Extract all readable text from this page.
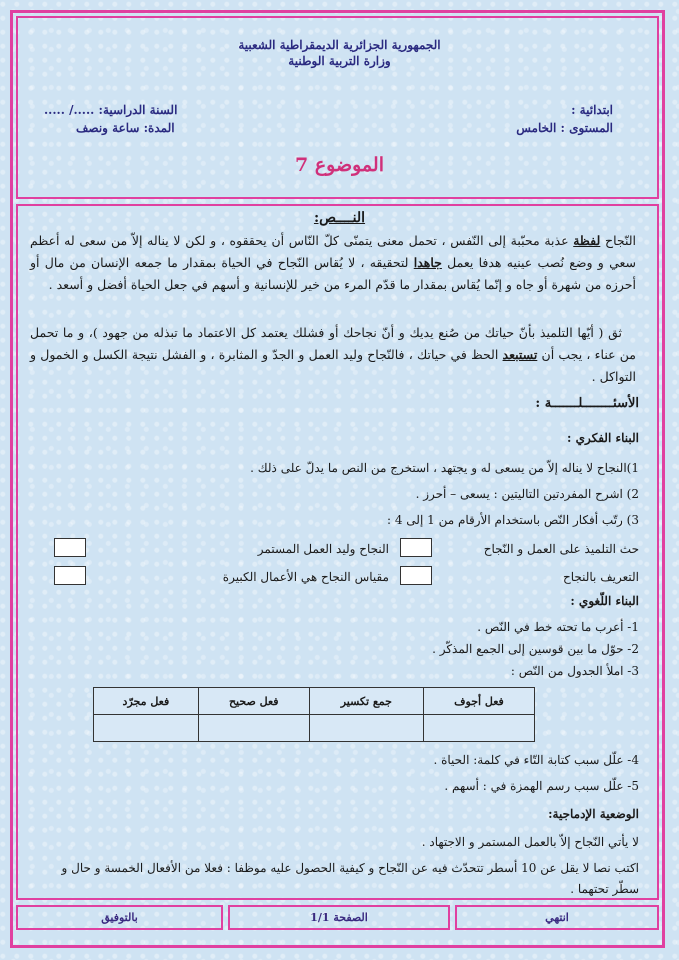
الجمهورية الجزائرية الديمقراطية الشعبية
وزارة التربية الوطنية
ابتدائية :
المستوى : الخامس
السنة الدراسية: ...../ .....
المدة: ساعة ونصف
الموضوع 7
النــــص:
النّجاح لفظة عذبة محبّبة إلى النّفس ، تحمل معنى يتمنّى كلّ النّاس أن يحققوه ، و لكن لا يناله إلاّ من سعى له أعظم سعي و وضع نُصب عينيه هدفا يعمل جاهدا لتحقيقه ، لا يُقاس النّجاح في الحياة بمقدار ما جمعه الإنسان من مال أو أحرزه من شهرة أو جاه و إنّما يُقاس بمقدار ما قدّم المرء من خير للإنسانية و أسهم في جعل الحياة أفضل و أسعد .
ثق ( أيّها التلميذ بأنّ حياتك من صُنع يديك و أنّ نجاحك أو فشلك يعتمد كل الاعتماد ما تبذله من جهود )، و ما تحمل من عناء ، يجب أن تستبعد الحظ في حياتك ، فالنّجاح وليد العمل و الجدّ و المثابرة ، و الفشل نتيجة الكسل و الخمول و التواكل .
الأسئــــــــلـــــــة :
البناء الفكري :
1)النجاح لا يناله إلاّ من يسعى له و يجتهد ، استخرج من النص ما يدلّ على ذلك .
2) اشرح المفردتين التاليتين : يسعى – أحرز .
3) رتّب أفكار النّص باستخدام الأرقام من 1 إلى 4 :
حث التلميذ على العمل و النّجاح
النجاح وليد العمل المستمر
التعريف بالنجاح
مقياس النجاح هي الأعمال الكبيرة
البناء اللّغوي :
1- أعرب ما تحته خط في النّص .
2- حوّل ما بين قوسين إلى الجمع المذكّر .
3- املأ الجدول من النّص :
فعل أجوف	جمع تكسير	فعل صحيح	فعل مجرّد

4- علّل سبب كتابة التّاء في كلمة: الحياة .
5- علّل سبب رسم الهمزة في : أسهم .
الوضعية الإدماجية:
لا يأتي النّجاح إلاّ بالعمل المستمر و الاجتهاد .
اكتب نصا لا يقل عن 10 أسطر تتحدّث فيه عن النّجاح و كيفية الحصول عليه موظفا : فعلا من الأفعال الخمسة و حال و سطّر تحتهما .
انتهي
الصفحة 1/1
بالتوفيق
